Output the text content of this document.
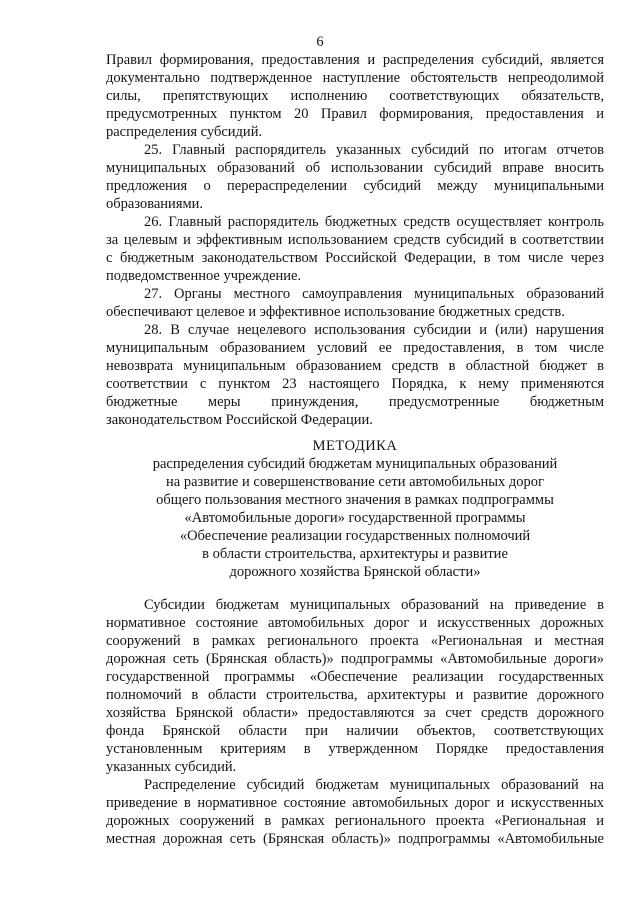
6
Правил формирования, предоставления и распределения субсидий, является
документально подтвержденное наступление обстоятельств непреодолимой
силы, препятствующих исполнению соответствующих обязательств,
предусмотренных пунктом 20 Правил формирования, предоставления и
распределения субсидий.
25. Главный распорядитель указанных субсидий по итогам отчетов
муниципальных образований об использовании субсидий вправе вносить
предложения о перераспределении субсидий между муниципальными
образованиями.
26. Главный распорядитель бюджетных средств осуществляет контроль
за целевым и эффективным использованием средств субсидий в соответствии
с бюджетным законодательством Российской Федерации, в том числе через
подведомственное учреждение.
27. Органы местного самоуправления муниципальных образований
обеспечивают целевое и эффективное использование бюджетных средств.
28. В случае нецелевого использования субсидии и (или) нарушения
муниципальным образованием условий ее предоставления, в том числе
невозврата муниципальным образованием средств в областной бюджет в
соответствии с пунктом 23 настоящего Порядка, к нему применяются
бюджетные меры принуждения, предусмотренные бюджетным
законодательством Российской Федерации.
МЕТОДИКА
распределения субсидий бюджетам муниципальных образований
на развитие и совершенствование сети автомобильных дорог
общего пользования местного значения в рамках подпрограммы
«Автомобильные дороги» государственной программы
«Обеспечение реализации государственных полномочий
в области строительства, архитектуры и развитие
дорожного хозяйства Брянской области»
Субсидии бюджетам муниципальных образований на приведение в
нормативное состояние автомобильных дорог и искусственных дорожных
сооружений в рамках регионального проекта «Региональная и местная
дорожная сеть (Брянская область)» подпрограммы «Автомобильные дороги»
государственной программы «Обеспечение реализации государственных
полномочий в области строительства, архитектуры и развитие дорожного
хозяйства Брянской области» предоставляются за счет средств дорожного
фонда Брянской области при наличии объектов, соответствующих
установленным критериям в утвержденном Порядке предоставления
указанных субсидий.
Распределение субсидий бюджетам муниципальных образований на
приведение в нормативное состояние автомобильных дорог и искусственных
дорожных сооружений в рамках регионального проекта «Региональная и
местная дорожная сеть (Брянская область)» подпрограммы «Автомобильные
